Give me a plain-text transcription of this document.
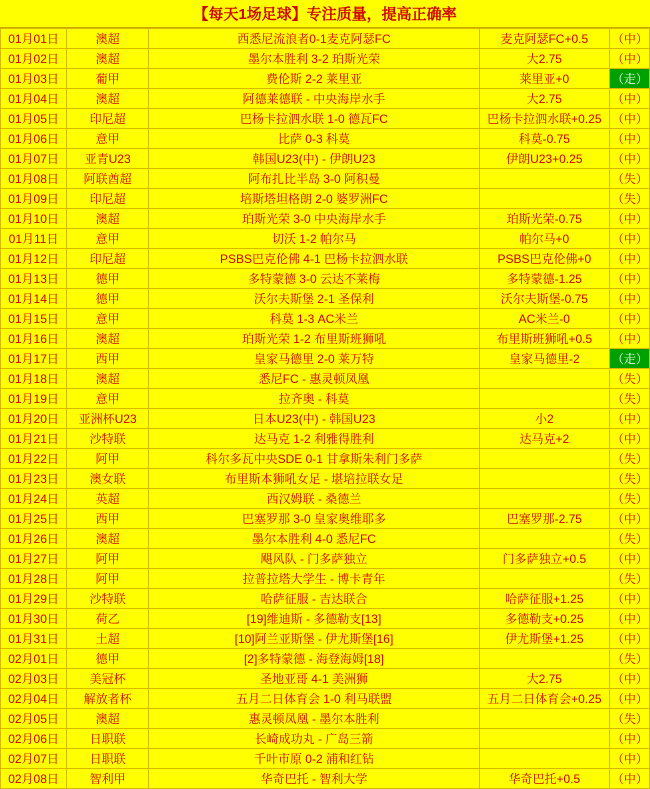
【每天1场足球】专注质量，提高正确率
01月01日	澳超	西悉尼流浪者0-1麦克阿瑟FC	麦克阿瑟FC+0.5	（中）
01月02日	澳超	墨尔本胜利 3-2 珀斯光荣	大2.75	（中）
01月03日	葡甲	费伦斯 2-2 莱里亚	莱里亚+0	（走）
01月04日	澳超	阿德莱德联 - 中央海岸水手	大2.75	（中）
01月05日	印尼超	巴杨卡拉泗水联 1-0 德瓦FC	巴杨卡拉泗水联+0.25	（中）
01月06日	意甲	比萨 0-3 科莫	科莫-0.75	（中）
01月07日	亚青U23	韩国U23(中) - 伊朗U23	伊朗U23+0.25	（中）
01月08日	阿联酋超	阿布扎比半岛 3-0 阿积曼		（失）
01月09日	印尼超	培斯塔坦格朗 2-0 婆罗洲FC		（失）
01月10日	澳超	珀斯光荣 3-0 中央海岸水手	珀斯光荣-0.75	（中）
01月11日	意甲	切沃 1-2 帕尔马	帕尔马+0	（中）
01月12日	印尼超	PSBS巴克伦佛 4-1 巴杨卡拉泗水联	PSBS巴克伦佛+0	（中）
01月13日	德甲	多特蒙德 3-0 云达不莱梅	多特蒙德-1.25	（中）
01月14日	德甲	沃尔夫斯堡 2-1 圣保利	沃尔夫斯堡-0.75	（中）
01月15日	意甲	科莫 1-3 AC米兰	AC米兰-0	（中）
01月16日	澳超	珀斯光荣 1-2 布里斯班狮吼	布里斯班狮吼+0.5	（中）
01月17日	西甲	皇家马德里 2-0 莱万特	皇家马德里-2	（走）
01月18日	澳超	悉尼FC - 惠灵顿凤凰		（失）
01月19日	意甲	拉齐奥 - 科莫		（失）
01月20日	亚洲杯U23	日本U23(中) - 韩国U23	小2	（中）
01月21日	沙特联	达马克 1-2 利雅得胜利	达马克+2	（中）
01月22日	阿甲	科尔多瓦中央SDE 0-1 甘拿斯朱利门多萨		（失）
01月23日	澳女联	布里斯本狮吼女足 - 堪培拉联女足		（失）
01月24日	英超	西汉姆联 - 桑德兰		（失）
01月25日	西甲	巴塞罗那 3-0 皇家奥维耶多	巴塞罗那-2.75	（中）
01月26日	澳超	墨尔本胜利 4-0 悉尼FC		（失）
01月27日	阿甲	飓风队 - 门多萨独立	门多萨独立+0.5	（中）
01月28日	阿甲	拉普拉塔大学生 - 博卡青年		（失）
01月29日	沙特联	哈萨征服 - 吉达联合	哈萨征服+1.25	（中）
01月30日	荷乙	[19]维迪斯 - 多德勒支[13]	多德勒支+0.25	（中）
01月31日	土超	[10]阿兰亚斯堡 - 伊尤斯堡[16]	伊尤斯堡+1.25	（中）
02月01日	德甲	[2]多特蒙德 - 海登海姆[18]		（失）
02月03日	美冠杯	圣地亚哥 4-1 美洲狮	大2.75	（中）
02月04日	解放者杯	五月二日体育会 1-0 利马联盟	五月二日体育会+0.25	（中）
02月05日	澳超	惠灵顿凤凰 - 墨尔本胜利		（失）
02月06日	日职联	长崎成功丸 - 广岛三箭		（中）
02月07日	日职联	千叶市原 0-2 浦和红钻		（中）
02月08日	智利甲	华奇巴托 - 智利大学	华奇巴托+0.5	（中）
